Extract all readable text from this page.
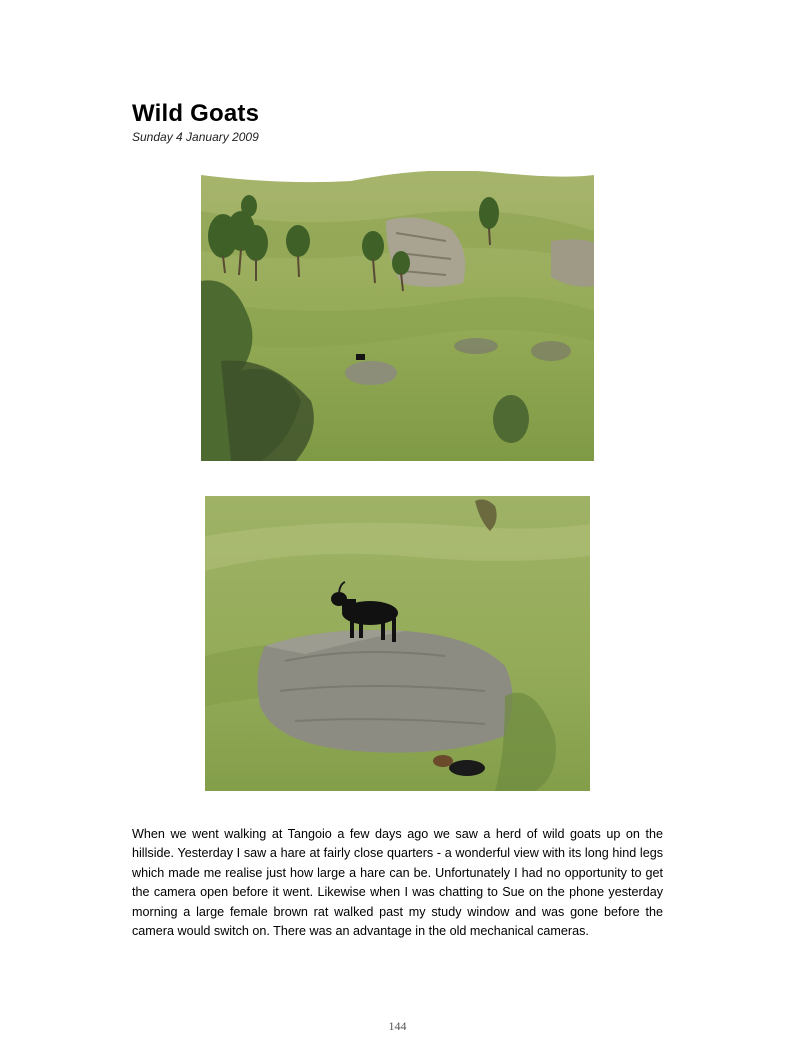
Wild Goats
Sunday 4 January 2009

When we went walking at Tangoio a few days ago we saw a herd of wild goats up on the hillside. Yesterday I saw a hare at fairly close quarters - a wonderful view with its long hind legs which made me realise just how large a hare can be. Unfortunately I had no opportunity to get the camera open before it went. Likewise when I was chatting to Sue on the phone yesterday morning a large female brown rat walked past my study window and was gone before the camera would switch on. There was an advantage in the old mechanical cameras.

144
